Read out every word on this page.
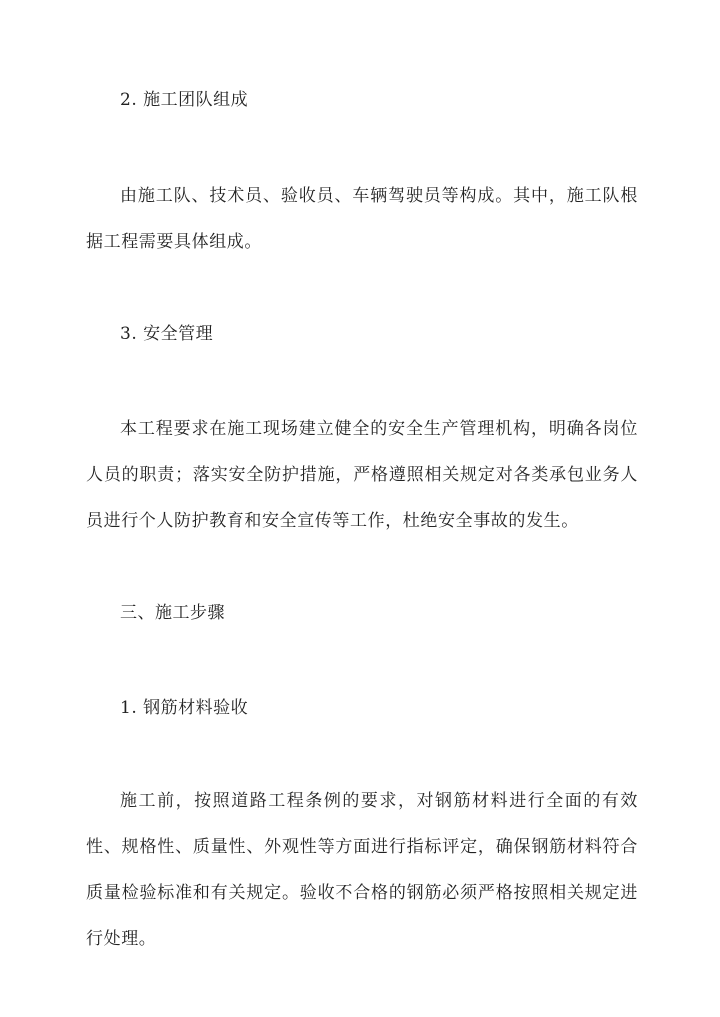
2. 施工团队组成
由施工队、技术员、验收员、车辆驾驶员等构成。其中，施工队根据工程需要具体组成。
3. 安全管理
本工程要求在施工现场建立健全的安全生产管理机构，明确各岗位人员的职责；落实安全防护措施，严格遵照相关规定对各类承包业务人员进行个人防护教育和安全宣传等工作，杜绝安全事故的发生。
三、施工步骤
1. 钢筋材料验收
施工前，按照道路工程条例的要求，对钢筋材料进行全面的有效性、规格性、质量性、外观性等方面进行指标评定，确保钢筋材料符合质量检验标准和有关规定。验收不合格的钢筋必须严格按照相关规定进行处理。
